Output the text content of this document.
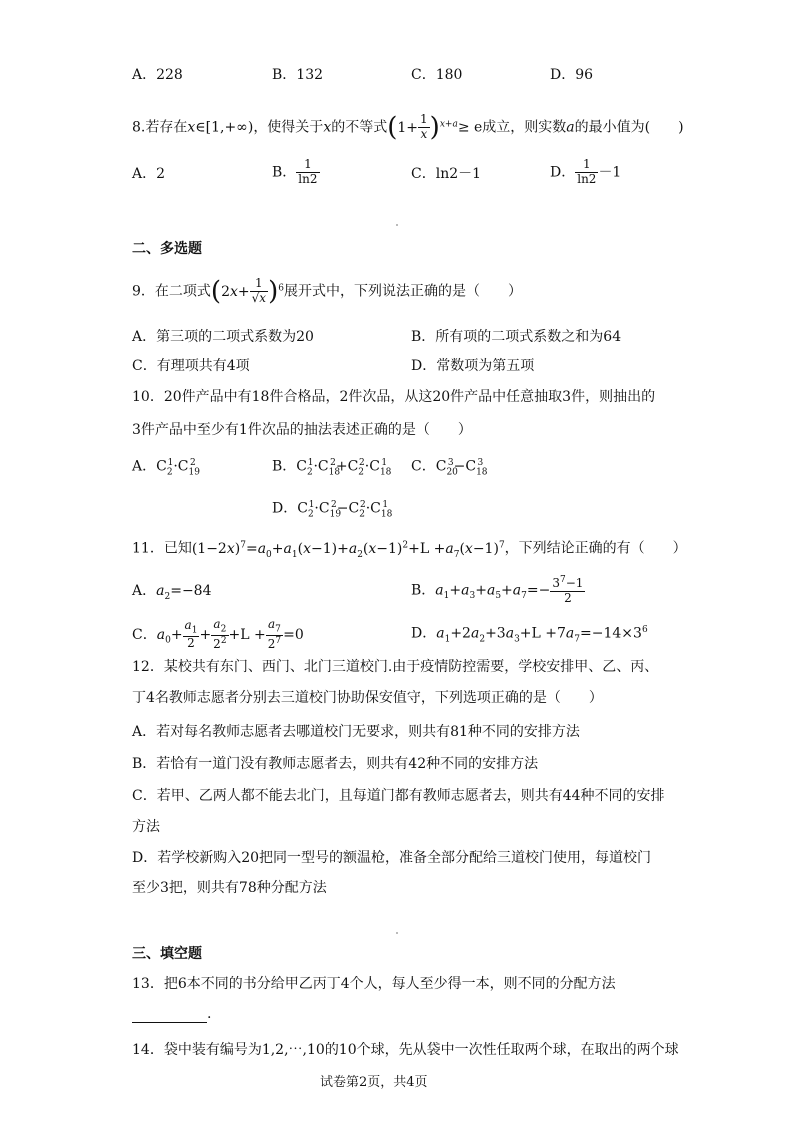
A．228	B．132	C．180	D．96
8.若存在x∈[1,+∞)，使得关于x的不等式$(1+ \frac{1}{x} )^{x+a}\ge e$成立，则实数a的最小值为(　　)
A．2	B． $\frac{1}{\ln 2}$	C．ln2－1	D． $\frac{1}{\ln 2} -1$
二、多选题
9．在二项式$(2x+ \frac{1}{√x} )^6$展开式中，下列说法正确的是（　　）
A．第三项的二项式系数为20	B．所有项的二项式系数之和为64
C．有理项共有4项	D．常数项为第五项
10．20件产品中有18件合格品，2件次品，从这20件产品中任意抽取3件，则抽出的
3件产品中至少有1件次品的抽法表述正确的是（　　）
A．$C_2^1\cdot C_{19}^2$	B．$C_2^1\cdot C_{18}^2+C_2^2\cdot C_{18}^1$ C．$C_{20}^3-C_{18}^3$
D．$C_2^1\cdot C_{19}^2-C_2^2\cdot C_{18}^1$
11．已知$(1-2x)^7=a_0+a_1(x-1)+a_2(x-1)^2+L +a_7(x-1)^7$，下列结论正确的有（　　）
A．$a_2=-84$	B．$a_1+a_3+a_5+a_7=- \frac{3^7-1}{2}$
C．$a_0+ \frac{a_1}{2} + \frac{a_2}{2^2} +L + \frac{a_7}{2^7} =0$	D．$a_1+2a_2+3a_3+L +7a_7=-14\times 3^6$
12．某校共有东门、西门、北门三道校门.由于疫情防控需要，学校安排甲、乙、丙、
丁4名教师志愿者分别去三道校门协助保安值守，下列选项正确的是（　　）
A．若对每名教师志愿者去哪道校门无要求，则共有81种不同的安排方法
B．若恰有一道门没有教师志愿者去，则共有42种不同的安排方法
C．若甲、乙两人都不能去北门，且每道门都有教师志愿者去，则共有44种不同的安排
方法
D．若学校新购入20把同一型号的额温枪，准备全部分配给三道校门使用，每道校门
至少3把，则共有78种分配方法
三、填空题
13．把6本不同的书分给甲乙丙丁4个人，每人至少得一本，则不同的分配方法
.
14．袋中装有编号为1,2,⋯,10的10个球，先从袋中一次性任取两个球，在取出的两个球
试卷第2页，共4页
